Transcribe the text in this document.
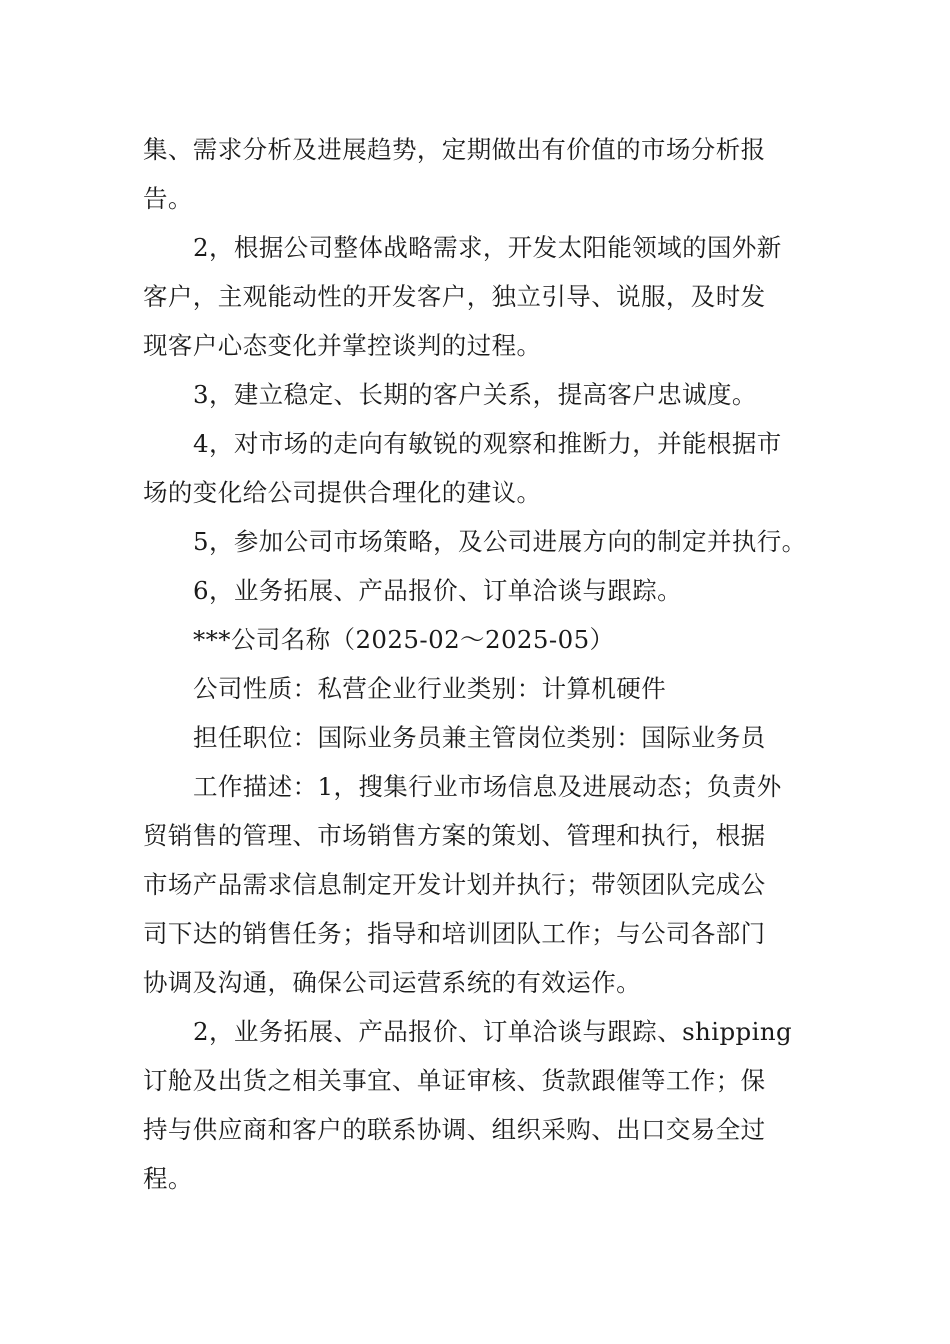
集、需求分析及进展趋势，定期做出有价值的市场分析报
告。

2，根据公司整体战略需求，开发太阳能领域的国外新
客户，主观能动性的开发客户，独立引导、说服，及时发
现客户心态变化并掌控谈判的过程。

3，建立稳定、长期的客户关系，提高客户忠诚度。

4，对市场的走向有敏锐的观察和推断力，并能根据市
场的变化给公司提供合理化的建议。

5，参加公司市场策略，及公司进展方向的制定并执行。

6，业务拓展、产品报价、订单洽谈与跟踪。

***公司名称（2025-02～2025-05）

公司性质：私营企业行业类别：计算机硬件

担任职位：国际业务员兼主管岗位类别：国际业务员

工作描述：1，搜集行业市场信息及进展动态；负责外
贸销售的管理、市场销售方案的策划、管理和执行，根据
市场产品需求信息制定开发计划并执行；带领团队完成公
司下达的销售任务；指导和培训团队工作；与公司各部门
协调及沟通，确保公司运营系统的有效运作。

2，业务拓展、产品报价、订单洽谈与跟踪、shipping
订舱及出货之相关事宜、单证审核、货款跟催等工作；保
持与供应商和客户的联系协调、组织采购、出口交易全过
程。
